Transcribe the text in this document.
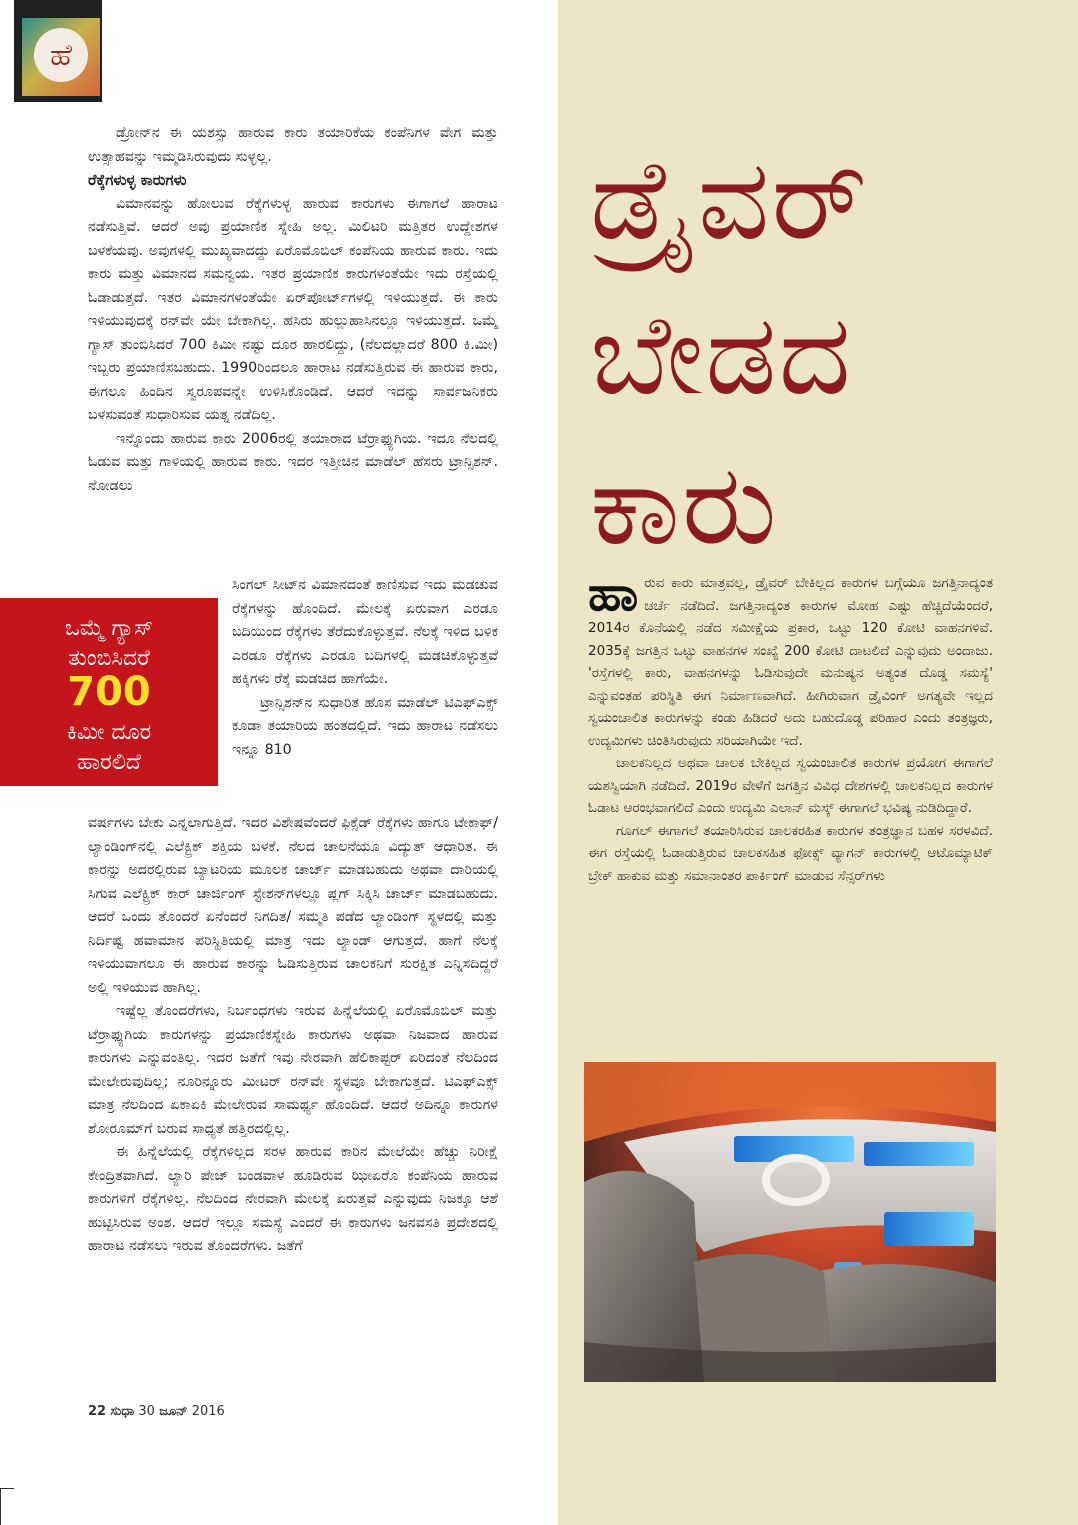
ಹೆ

ಡ್ರೋನ್‌ನ ಈ ಯಶಸ್ಸು ಹಾರುವ ಕಾರು ತಯಾರಿಕೆಯ ಕಂಪೆನಿಗಳ ವೇಗ ಮತ್ತು ಉತ್ಸಾಹವನ್ನು ಇಮ್ಮಡಿಸಿರುವುದು ಸುಳ್ಳಲ್ಲ.

ರೆಕ್ಕೆಗಳುಳ್ಳ ಕಾರುಗಳು

ವಿಮಾನವನ್ನು ಹೋಲುವ ರೆಕ್ಕೆಗಳುಳ್ಳ ಹಾರುವ ಕಾರುಗಳು ಈಗಾಗಲೆ ಹಾರಾಟ ನಡೆಸುತ್ತಿವೆ. ಆದರೆ ಅವು ಪ್ರಯಾಣಿಕ ಸ್ನೇಹಿ ಅಲ್ಲ. ಮಿಲಿಟರಿ ಮತ್ತಿತರ ಉದ್ದೇಶಗಳ ಬಳಕೆಯವು. ಅವುಗಳಲ್ಲಿ ಮುಖ್ಯವಾದದ್ದು ಏರೊಮೊಬಿಲ್ ಕಂಪೆನಿಯ ಹಾರುವ ಕಾರು. ಇದು ಕಾರು ಮತ್ತು ವಿಮಾನದ ಸಮನ್ವಯ. ಇತರ ಪ್ರಯಾಣಿಕ ಕಾರುಗಳಂತೆಯೇ ಇದು ರಸ್ತೆಯಲ್ಲಿ ಓಡಾಡುತ್ತದೆ. ಇತರ ವಿಮಾನಗಳಂತೆಯೇ ಏರ್‌ಪೋರ್ಟ್‌ಗಳಲ್ಲಿ ಇಳಿಯುತ್ತದೆ. ಈ ಕಾರು ಇಳಿಯುವುದಕ್ಕೆ ರನ್‌ವೇ ಯೇ ಬೇಕಾಗಿಲ್ಲ. ಹಸಿರು ಹುಲ್ಲುಹಾಸಿನಲ್ಲೂ ಇಳಿಯುತ್ತದೆ. ಒಮ್ಮೆ ಗ್ಯಾಸ್ ತುಂಬಿಸಿದರೆ 700 ಕಿಮೀ ನಷ್ಟು ದೂರ ಹಾರಲಿದ್ದು, (ನೆಲದಲ್ಲಾದರೆ 800 ಕಿ.ಮೀ) ಇಬ್ಬರು ಪ್ರಯಾಣಿಸಬಹುದು. 1990ರಿಂದಲೂ ಹಾರಾಟ ನಡೆಸುತ್ತಿರುವ ಈ ಹಾರುವ ಕಾರು, ಈಗಲೂ ಹಿಂದಿನ ಸ್ವರೂಪವನ್ನೇ ಉಳಿಸಿಕೊಂಡಿದೆ. ಆದರೆ ಇದನ್ನು ಸಾರ್ವಜನಿಕರು ಬಳಸುವಂತೆ ಸುಧಾರಿಸುವ ಯತ್ನ ನಡೆದಿಲ್ಲ.

ಇನ್ನೊಂದು ಹಾರುವ ಕಾರು 2006ರಲ್ಲಿ ತಯಾರಾದ ಟೆರ್ರಾಫ್ಯುಗಿಯ. ಇದೂ ನೆಲದಲ್ಲಿ ಓಡುವ ಮತ್ತು ಗಾಳಿಯಲ್ಲಿ ಹಾರುವ ಕಾರು. ಇದರ ಇತ್ತೀಚಿನ ಮಾಡೆಲ್ ಹೆಸರು ಟ್ರಾನ್ಸಿಶನ್. ನೋಡಲು

ಒಮ್ಮೆ ಗ್ಯಾಸ್
ತುಂಬಿಸಿದರೆ
700
ಕಿಮೀ ದೂರ
ಹಾರಲಿದೆ

ಸಿಂಗಲ್ ಸೀಟ್‌ನ ವಿಮಾನದಂತೆ ಕಾಣಿಸುವ ಇದು ಮಡಚುವ ರೆಕ್ಕೆಗಳನ್ನು ಹೊಂದಿದೆ. ಮೇಲಕ್ಕೆ ಏರುವಾಗ ಎರಡೂ ಬದಿಯಿಂದ ರೆಕ್ಕೆಗಳು ತೆರೆದುಕೊಳ್ಳುತ್ತವೆ. ನೆಲಕ್ಕೆ ಇಳಿದ ಬಳಿಕ ಎರಡೂ ರೆಕ್ಕೆಗಳು ಎರಡೂ ಬದಿಗಳಲ್ಲಿ ಮಡಚಿಕೊಳ್ಳುತ್ತವೆ ಹಕ್ಕಿಗಳು ರೆಕ್ಕೆ ಮಡಚಿದ ಹಾಗೆಯೇ.

ಟ್ರಾನ್ಸಿಶನ್‌ನ ಸುಧಾರಿತ ಹೊಸ ಮಾಡೆಲ್ ಟಿಎಫ್‌ಎಕ್ಸ್ ಕೂಡಾ ತಯಾರಿಯ ಹಂತದಲ್ಲಿದೆ. ಇದು ಹಾರಾಟ ನಡೆಸಲು ಇನ್ನೂ 810

ವರ್ಷಗಳು ಬೇಕು ಎನ್ನಲಾಗುತ್ತಿದೆ. ಇದರ ವಿಶೇಷವೆಂದರೆ ಫಿಕ್ಸೆಡ್ ರೆಕ್ಕೆಗಳು ಹಾಗೂ ಟೇಕಾಫ್/ ಲ್ಯಾಂಡಿಂಗ್‌ನಲ್ಲಿ ಎಲೆಕ್ಟ್ರಿಕ್ ಶಕ್ತಿಯ ಬಳಕೆ. ನೆಲದ ಚಾಲನೆಯೂ ವಿದ್ಯುತ್ ಆಧಾರಿತ. ಈ ಕಾರನ್ನು ಅದರಲ್ಲಿರುವ ಬ್ಯಾಟರಿಯ ಮೂಲಕ ಚಾರ್ಜ್ ಮಾಡಬಹುದು ಅಥವಾ ದಾರಿಯಲ್ಲಿ ಸಿಗುವ ಎಲೆಕ್ಟ್ರಿಕ್ ಕಾರ್ ಚಾರ್ಜಿಂಗ್ ಸ್ಟೇಶನ್‌ಗಳಲ್ಲೂ ಪ್ಲಗ್ ಸಿಕ್ಕಿಸಿ ಚಾರ್ಜ್ ಮಾಡಬಹುದು. ಆದರೆ ಒಂದು ತೊಂದರೆ ಏನೆಂದರೆ ನಿಗದಿತ/ ಸಮ್ಮತಿ ಪಡೆದ ಲ್ಯಾಂಡಿಂಗ್ ಸ್ಥಳದಲ್ಲಿ ಮತ್ತು ನಿರ್ದಿಷ್ಟ ಹವಾಮಾನ ಪರಿಸ್ಥಿತಿಯಲ್ಲಿ ಮಾತ್ರ ಇದು ಲ್ಯಾಂಡ್ ಆಗುತ್ತದೆ. ಹಾಗೆ ನೆಲಕ್ಕೆ ಇಳಿಯುವಾಗಲೂ ಈ ಹಾರುವ ಕಾರನ್ನು ಓಡಿಸುತ್ತಿರುವ ಚಾಲಕನಿಗೆ ಸುರಕ್ಷಿತ ಎನ್ನಿಸದಿದ್ದರೆ ಅಲ್ಲಿ ಇಳಿಯುವ ಹಾಗಿಲ್ಲ.

ಇಷ್ಟೆಲ್ಲ ತೊಂದರೆಗಳು, ನಿರ್ಬಂಧಗಳು ಇರುವ ಹಿನ್ನೆಲೆಯಲ್ಲಿ ಏರೊಮೊಬಿಲ್ ಮತ್ತು ಟೆರ್ರಾಫ್ಯುಗಿಯ ಕಾರುಗಳನ್ನು ಪ್ರಯಾಣಿಕಸ್ನೇಹಿ ಕಾರುಗಳು ಅಥವಾ ನಿಜವಾದ ಹಾರುವ ಕಾರುಗಳು ಎನ್ನುವಂತಿಲ್ಲ. ಇದರ ಜತೆಗೆ ಇವು ನೇರವಾಗಿ ಹೆಲಿಕಾಪ್ಟರ್ ಏರಿದಂತೆ ನೆಲದಿಂದ ಮೇಲೇರುವುದಿಲ್ಲ; ನೂರಿನ್ನೂರು ಮೀಟರ್ ರನ್‌ವೇ ಸ್ಥಳವೂ ಬೇಕಾಗುತ್ತದೆ. ಟಿಎಫ್‌ಎಕ್ಸ್ ಮಾತ್ರ ನೆಲದಿಂದ ಏಕಾಏಕಿ ಮೇಲೇರುವ ಸಾಮರ್ಥ್ಯ ಹೊಂದಿದೆ. ಆದರೆ ಅದಿನ್ನೂ ಕಾರುಗಳ ಶೋರೂಮ್‌ಗೆ ಬರುವ ಸಾಧ್ಯತೆ ಹತ್ತಿರದಲ್ಲಿಲ್ಲ.

ಈ ಹಿನ್ನೆಲೆಯಲ್ಲಿ ರೆಕ್ಕೆಗಳಿಲ್ಲದ ಸರಳ ಹಾರುವ ಕಾರಿನ ಮೇಲೆಯೇ ಹೆಚ್ಚು ನಿರೀಕ್ಷೆ ಕೇಂದ್ರಿತವಾಗಿದೆ. ಲ್ಯಾರಿ ಪೇಜ್ ಬಂಡವಾಳ ಹೂಡಿರುವ ಝೀಏರೊ ಕಂಪೆನಿಯ ಹಾರುವ ಕಾರುಗಳಿಗೆ ರೆಕ್ಕೆಗಳಿಲ್ಲ. ನೆಲದಿಂದ ನೇರವಾಗಿ ಮೇಲಕ್ಕೆ ಏರುತ್ತವೆ ಎನ್ನುವುದು ನಿಜಕ್ಕೂ ಆಶೆ ಹುಟ್ಟಿಸಿರುವ ಅಂಶ. ಆದರೆ ಇಲ್ಲೂ ಸಮಸ್ಯೆ ಎಂದರೆ ಈ ಕಾರುಗಳು ಜನವಸತಿ ಪ್ರದೇಶದಲ್ಲಿ ಹಾರಾಟ ನಡೆಸಲು ಇರುವ ತೊಂದರೆಗಳು. ಜತೆಗೆ

ಡ್ರೈವರ್
ಬೇಡದ
ಕಾರು

ಹಾರುವ ಕಾರು ಮಾತ್ರವಲ್ಲ, ಡ್ರೈವರ್ ಬೇಕಿಲ್ಲದ ಕಾರುಗಳ ಬಗ್ಗೆಯೂ ಜಗತ್ತಿನಾದ್ಯಂತ ಚರ್ಚೆ ನಡೆದಿದೆ. ಜಗತ್ತಿನಾದ್ಯಂತ ಕಾರುಗಳ ಮೋಹ ಎಷ್ಟು ಹೆಚ್ಚಿದೆಯೆಂದರೆ, 2014ರ ಕೊನೆಯಲ್ಲಿ ನಡೆದ ಸಮೀಕ್ಷೆಯ ಪ್ರಕಾರ, ಒಟ್ಟು 120 ಕೋಟಿ ವಾಹನಗಳಿವೆ. 2035ಕ್ಕೆ ಜಗತ್ತಿನ ಒಟ್ಟು ವಾಹನಗಳ ಸಂಖ್ಯೆ 200 ಕೋಟಿ ದಾಟಲಿದೆ ಎನ್ನುವುದು ಅಂದಾಜು. 'ರಸ್ತೆಗಳಲ್ಲಿ ಕಾರು, ವಾಹನಗಳನ್ನು ಓಡಿಸುವುದೇ ಮನುಷ್ಯನ ಅತ್ಯಂತ ದೊಡ್ಡ ಸಮಸ್ಯೆ' ಎನ್ನುವಂತಹ ಪರಿಸ್ಥಿತಿ ಈಗ ನಿರ್ಮಾಣವಾಗಿದೆ. ಹೀಗಿರುವಾಗ ಡ್ರೈವಿಂಗ್ ಅಗತ್ಯವೇ ಇಲ್ಲದ ಸ್ವಯಂಚಾಲಿತ ಕಾರುಗಳನ್ನು ಕಂಡು ಹಿಡಿದರೆ ಅದು ಬಹುದೊಡ್ಡ ಪರಿಹಾರ ಎಂದು ತಂತ್ರಜ್ಞರು, ಉದ್ಯಮಿಗಳು ಚಿಂತಿಸಿರುವುದು ಸರಿಯಾಗಿಯೇ ಇದೆ.

ಚಾಲಕನಿಲ್ಲದ ಅಥವಾ ಚಾಲಕ ಬೇಕಿಲ್ಲದ ಸ್ವಯಂಚಾಲಿತ ಕಾರುಗಳ ಪ್ರಯೋಗ ಈಗಾಗಲೆ ಯಶಸ್ವಿಯಾಗಿ ನಡೆದಿದೆ. 2019ರ ವೇಳೆಗೆ ಜಗತ್ತಿನ ವಿವಿಧ ದೇಶಗಳಲ್ಲಿ ಚಾಲಕನಿಲ್ಲದ ಕಾರುಗಳ ಓಡಾಟ ಆರಂಭವಾಗಲಿದೆ ಎಂದು ಉದ್ಯಮಿ ಎಲಾನ್ ಮಸ್ಕ್ ಈಗಾಗಲೆ ಭವಿಷ್ಯ ನುಡಿದಿದ್ದಾರೆ.

ಗೂಗಲ್ ಈಗಾಗಲೆ ತಯಾರಿಸಿರುವ ಚಾಲಕರಹಿತ ಕಾರುಗಳ ತಂತ್ರಜ್ಞಾನ ಬಹಳ ಸರಳವಿದೆ. ಈಗ ರಸ್ತೆಯಲ್ಲಿ ಓಡಾಡುತ್ತಿರುವ ಚಾಲಕಸಹಿತ ಫೋಕ್ಸ್ ವ್ಯಾಗನ್ ಕಾರುಗಳಲ್ಲಿ ಆಟೊಮ್ಯಾಟಿಕ್ ಬ್ರೇಕ್ ಹಾಕುವ ಮತ್ತು ಸಮಾನಾಂತರ ಪಾರ್ಕಿಂಗ್ ಮಾಡುವ ಸೆನ್ಸರ್‌ಗಳು

22 ಸುಧಾ 30 ಜೂನ್ 2016
